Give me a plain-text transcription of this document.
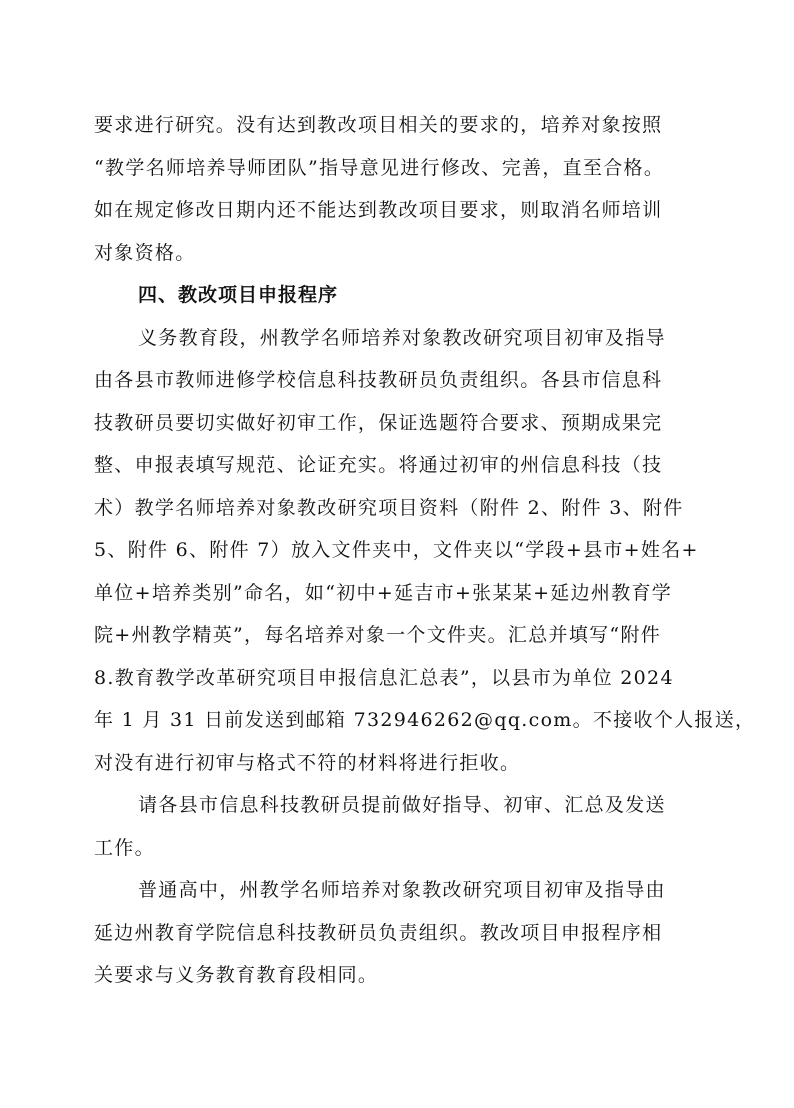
要求进行研究。没有达到教改项目相关的要求的，培养对象按照
“教学名师培养导师团队”指导意见进行修改、完善，直至合格。
如在规定修改日期内还不能达到教改项目要求，则取消名师培训
对象资格。
四、教改项目申报程序
义务教育段，州教学名师培养对象教改研究项目初审及指导
由各县市教师进修学校信息科技教研员负责组织。各县市信息科
技教研员要切实做好初审工作，保证选题符合要求、预期成果完
整、申报表填写规范、论证充实。将通过初审的州信息科技（技
术）教学名师培养对象教改研究项目资料（附件 2、附件 3、附件
5、附件 6、附件 7）放入文件夹中，文件夹以“学段+县市+姓名+
单位+培养类别”命名，如“初中+延吉市+张某某+延边州教育学
院+州教学精英”，每名培养对象一个文件夹。汇总并填写“附件
8.教育教学改革研究项目申报信息汇总表”，以县市为单位 2024
年 1 月 31 日前发送到邮箱 732946262@qq.com。不接收个人报送，
对没有进行初审与格式不符的材料将进行拒收。
请各县市信息科技教研员提前做好指导、初审、汇总及发送
工作。
普通高中，州教学名师培养对象教改研究项目初审及指导由
延边州教育学院信息科技教研员负责组织。教改项目申报程序相
关要求与义务教育教育段相同。
